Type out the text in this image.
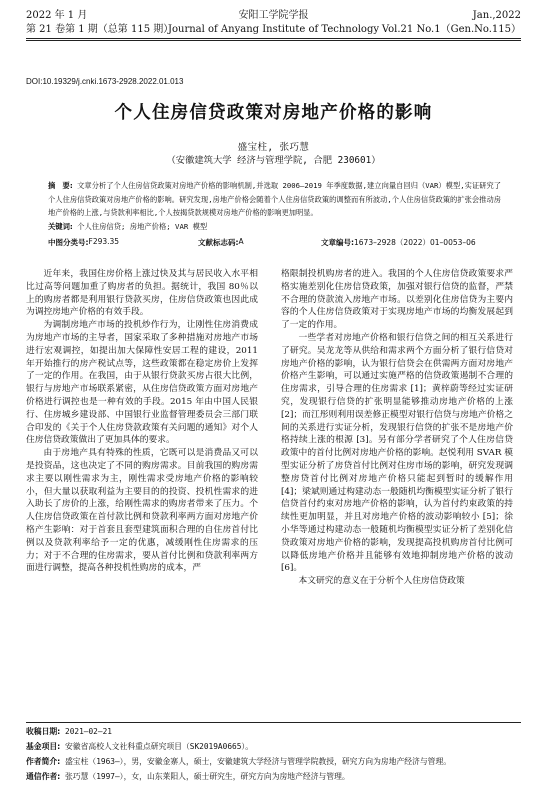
2022 年 1 月	安阳工学院学报	Jan.,2022
第 21 卷第 1 期（总第 115 期）
Journal of Anyang Institute of Technology Vol.21 No.1（Gen.No.115）
DOI:10.19329/j.cnki.1673-2928.2022.01.013
个人住房信贷政策对房地产价格的影响
盛宝柱, 张巧慧
（安徽建筑大学 经济与管理学院, 合肥 230601）
摘　要: 文章分析了个人住房信贷政策对房地产价格的影响机制,并选取 2006–2019 年季度数据,建立向量自回归（VAR）模型,实证研究了个人住房信贷政策对房地产价格的影响。研究发现,房地产价格会随着个人住房信贷政策的调整而有所波动,个人住房信贷政策的扩张会推动房地产价格的上涨,与贷款利率相比,个人按揭贷款规模对房地产价格的影响更加明显。
关键词: 个人住房信贷; 房地产价格; VAR 模型
中图分类号: F293.35	文献标志码: A	文章编号: 1673–2928（2022）01–0053–06

近年来，我国住房价格上涨过快及其与居民收入水平相比过高等问题加重了购房者的负担。据统计，我国 80％以上的购房者都是利用银行贷款买房，住房信贷政策也因此成为调控房地产价格的有效手段。

为调制房地产市场的投机炒作行为，让刚性住房消费成为房地产市场的主导者，国家采取了多种措施对房地产市场进行宏观调控，如提出加大保障性安居工程的建设，2011 年开始推行的房产税试点等，这些政策都在稳定房价上发挥了一定的作用。在我国，由于从银行贷款买房占很大比例，银行与房地产市场联系紧密，从住房信贷政策方面对房地产价格进行调控也是一种有效的手段。2015 年由中国人民银行、住房城乡建设部、中国银行业监督管理委员会三部门联合印发的《关于个人住房贷款政策有关问题的通知》对个人住房信贷政策做出了更加具体的要求。

由于房地产具有特殊的性质，它既可以是消费品又可以是投资品，这也决定了不同的购房需求。目前我国的购房需求主要以刚性需求为主，刚性需求受房地产价格的影响较小，但大量以获取利益为主要目的的投资、投机性需求的进入助长了房价的上涨，给刚性需求的购房者带来了压力。个人住房信贷政策在首付款比例和贷款利率两方面对房地产价格产生影响：对于首套且套型建筑面积合理的自住房首付比例以及贷款利率给予一定的优惠，减缓刚性住房需求的压力；对于不合理的住房需求，要从首付比例和贷款利率两方面进行调整，提高各种投机性购房的成本，严

格限制投机购房者的进入。我国的个人住房信贷政策要求严格实施差别化住房信贷政策，加强对银行信贷的监督，严禁不合理的贷款流入房地产市场。以差别化住房信贷为主要内容的个人住房信贷政策对于实现房地产市场的均衡发展起到了一定的作用。

一些学者对房地产价格和银行信贷之间的相互关系进行了研究。吴龙龙等从供给和需求两个方面分析了银行信贷对房地产价格的影响，认为银行信贷会在供需两方面对房地产价格产生影响，可以通过实施严格的信贷政策遏制不合理的住房需求，引导合理的住房需求 [1]；黄梓蔚等经过实证研究，发现银行信贷的扩张明显能够推动房地产价格的上涨 [2]；而江彤则利用误差修正模型对银行信贷与房地产价格之间的关系进行实证分析，发现银行信贷的扩张不是房地产价格持续上涨的根源 [3]。另有部分学者研究了个人住房信贷政策中的首付比例对房地产价格的影响。赵悦利用 SVAR 模型实证分析了房贷首付比例对住房市场的影响，研究发现调整房贷首付比例对房地产价格只能起到暂时的缓解作用 [4]；梁斌则通过构建动态一般随机均衡模型实证分析了银行信贷首付约束对房地产价格的影响，认为首付约束政策的持续性更加明显，并且对房地产价格的波动影响较小 [5]；徐小华等通过构建动态一般随机均衡模型实证分析了差别化信贷政策对房地产价格的影响，发现提高投机购房首付比例可以降低房地产价格并且能够有效地抑制房地产价格的波动 [6]。

本文研究的意义在于分析个人住房信贷政策

收稿日期: 2021–02–21
基金项目: 安徽省高校人文社科重点研究项目（SK2019A0665）。
作者简介: 盛宝柱（1963–），男，安徽金寨人，硕士，安徽建筑大学经济与管理学院教授，研究方向为房地产经济与管理。
通信作者: 张巧慧（1997–），女，山东莱阳人，硕士研究生，研究方向为房地产经济与管理。
